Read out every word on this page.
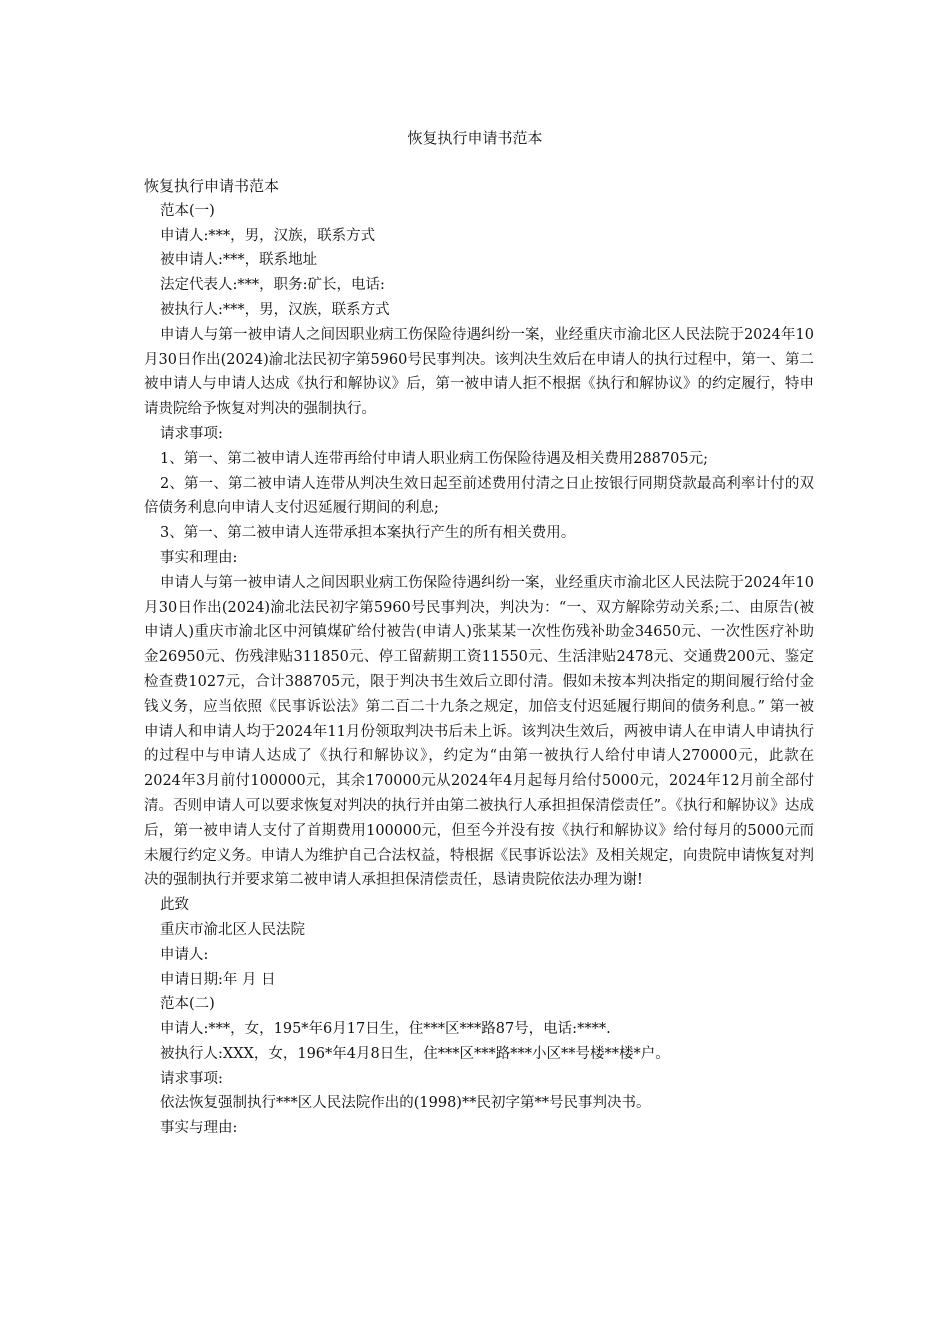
恢复执行申请书范本

恢复执行申请书范本

范本(一)

申请人:***，男，汉族，联系方式

被申请人:***，联系地址

法定代表人:***，职务:矿长，电话:

被执行人:***，男，汉族，联系方式

申请人与第一被申请人之间因职业病工伤保险待遇纠纷一案，业经重庆市渝北区人民法院于2024年10月30日作出(2024)渝北法民初字第5960号民事判决。该判决生效后在申请人的执行过程中，第一、第二被申请人与申请人达成《执行和解协议》后，第一被申请人拒不根据《执行和解协议》的约定履行，特申请贵院给予恢复对判决的强制执行。

请求事项:

1、第一、第二被申请人连带再给付申请人职业病工伤保险待遇及相关费用288705元;

2、第一、第二被申请人连带从判决生效日起至前述费用付清之日止按银行同期贷款最高利率计付的双倍债务利息向申请人支付迟延履行期间的利息;

3、第一、第二被申请人连带承担本案执行产生的所有相关费用。

事实和理由:

申请人与第一被申请人之间因职业病工伤保险待遇纠纷一案，业经重庆市渝北区人民法院于2024年10月30日作出(2024)渝北法民初字第5960号民事判决，判决为：“一、双方解除劳动关系;二、由原告(被申请人)重庆市渝北区中河镇煤矿给付被告(申请人)张某某一次性伤残补助金34650元、一次性医疗补助金26950元、伤残津贴311850元、停工留薪期工资11550元、生活津贴2478元、交通费200元、鉴定检查费1027元，合计388705元，限于判决书生效后立即付清。假如未按本判决指定的期间履行给付金钱义务，应当依照《民事诉讼法》第二百二十九条之规定，加倍支付迟延履行期间的债务利息。” 第一被申请人和申请人均于2024年11月份领取判决书后未上诉。该判决生效后，两被申请人在申请人申请执行的过程中与申请人达成了《执行和解协议》，约定为“由第一被执行人给付申请人270000元，此款在2024年3月前付100000元，其余170000元从2024年4月起每月给付5000元，2024年12月前全部付清。否则申请人可以要求恢复对判决的执行并由第二被执行人承担担保清偿责任”。《执行和解协议》达成后，第一被申请人支付了首期费用100000元，但至今并没有按《执行和解协议》给付每月的5000元而未履行约定义务。申请人为维护自己合法权益，特根据《民事诉讼法》及相关规定，向贵院申请恢复对判决的强制执行并要求第二被申请人承担担保清偿责任，恳请贵院依法办理为谢!

此致

重庆市渝北区人民法院

申请人:

申请日期:年 月 日

范本(二)

申请人:***，女，195*年6月17日生，住***区***路87号，电话:****.

被执行人:XXX，女，196*年4月8日生，住***区***路***小区**号楼**楼*户。

请求事项:

依法恢复强制执行***区人民法院作出的(1998)**民初字第**号民事判决书。

事实与理由:
